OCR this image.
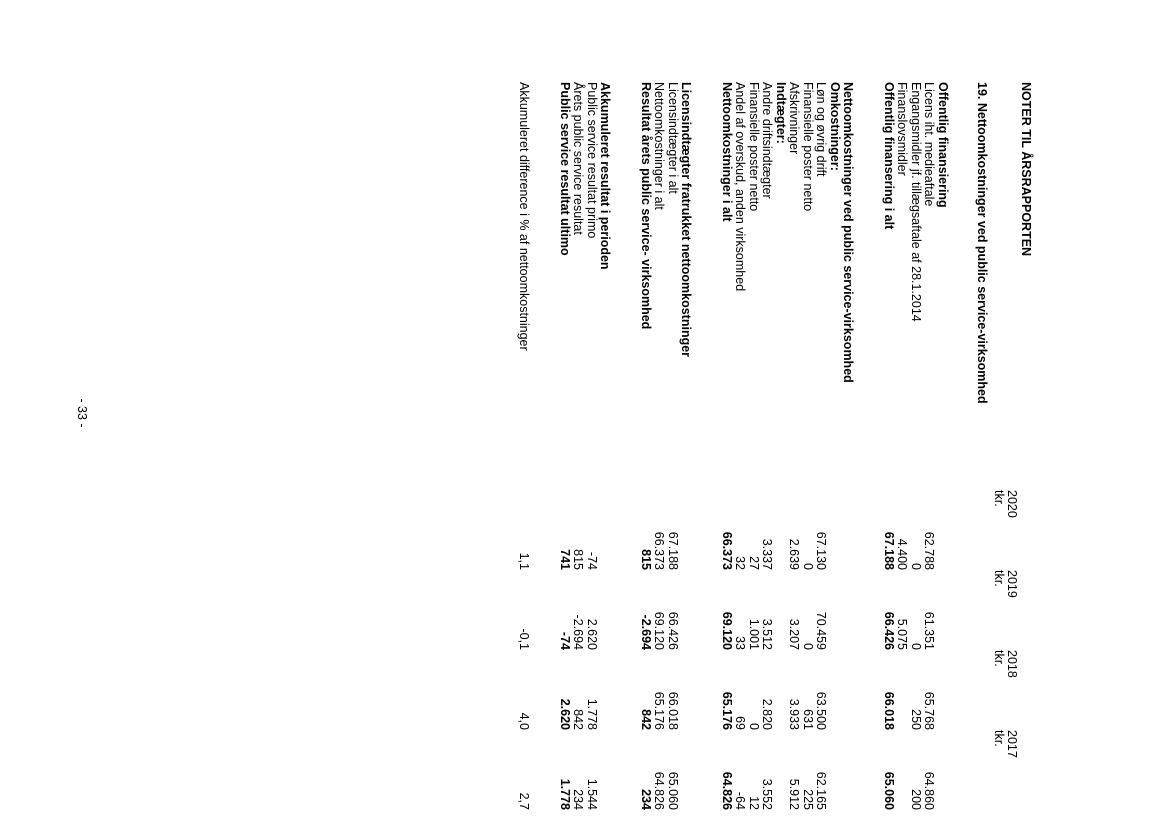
NOTER TIL ÅRSRAPPORTEN
19. Nettoomkostninger ved public service-virksomhed
2020
tkr.
2019
tkr.
2018
tkr.
2017
tkr.
Offentlig finansiering
Licens iht. medieaftale
62.788
61.351
65.768
64.860
Engangsmidler jf. tillægsaftale af 28.1.2014
0
0
250
200
Finanslovsmidler
4.400
5.075
Offentlig finansering i alt
67.188
66.426
66.018
65.060
Nettoomkostninger ved public service-virksomhed
Omkostninger:
Løn og øvrig drift
67.130
70.459
63.500
62.165
Finansielle poster netto
0
0
631
225
Afskrivninger
2.639
3.207
3.933
5.912
Indtægter:
Andre driftsindtægter
3.337
3.512
2.820
3.552
Finansielle poster netto
27
1.001
0
12
Andel af overskud, anden virksomhed
32
33
69
-64
Nettoomkostninger i alt
66.373
69.120
65.176
64.826
Licensindtægter fratrukket nettoomkostninger
Licensindtægter i alt
67.188
66.426
66.018
65.060
Nettoomkostninger i alt
66.373
69.120
65.176
64.826
Resultat årets public service- virksomhed
815
-2.694
842
234
Akkumuleret resultat i perioden
Public service resultat primo
-74
2.620
1.778
1.544
Årets public service resultat
815
-2.694
842
234
Public service resultat ultimo
741
-74
2.620
1.778
Akkumuleret difference i % af nettoomkostninger
1,1
-0,1
4,0
2,7
- 33 -
